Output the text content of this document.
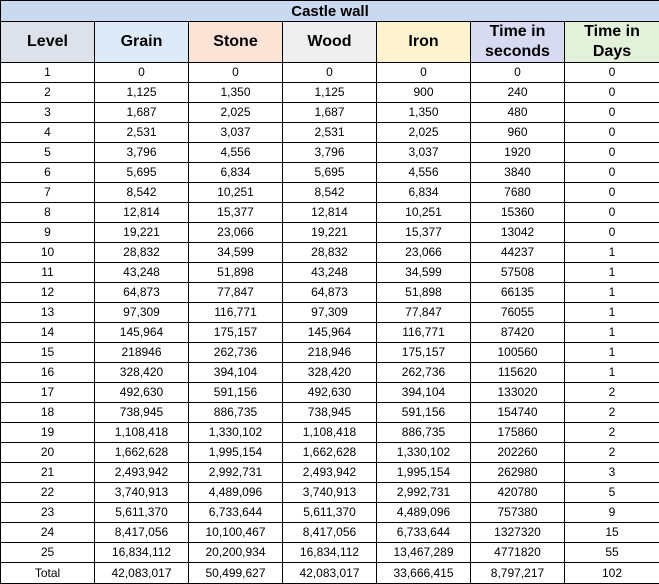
Castle wall						
Level	Grain	Stone	Wood	Iron	Time in seconds	Time in Days
1	0	0	0	0	0	0
2	1,125	1,350	1,125	900	240	0
3	1,687	2,025	1,687	1,350	480	0
4	2,531	3,037	2,531	2,025	960	0
5	3,796	4,556	3,796	3,037	1920	0
6	5,695	6,834	5,695	4,556	3840	0
7	8,542	10,251	8,542	6,834	7680	0
8	12,814	15,377	12,814	10,251	15360	0
9	19,221	23,066	19,221	15,377	13042	0
10	28,832	34,599	28,832	23,066	44237	1
11	43,248	51,898	43,248	34,599	57508	1
12	64,873	77,847	64,873	51,898	66135	1
13	97,309	116,771	97,309	77,847	76055	1
14	145,964	175,157	145,964	116,771	87420	1
15	218946	262,736	218,946	175,157	100560	1
16	328,420	394,104	328,420	262,736	115620	1
17	492,630	591,156	492,630	394,104	133020	2
18	738,945	886,735	738,945	591,156	154740	2
19	1,108,418	1,330,102	1,108,418	886,735	175860	2
20	1,662,628	1,995,154	1,662,628	1,330,102	202260	2
21	2,493,942	2,992,731	2,493,942	1,995,154	262980	3
22	3,740,913	4,489,096	3,740,913	2,992,731	420780	5
23	5,611,370	6,733,644	5,611,370	4,489,096	757380	9
24	8,417,056	10,100,467	8,417,056	6,733,644	1327320	15
25	16,834,112	20,200,934	16,834,112	13,467,289	4771820	55
Total	42,083,017	50,499,627	42,083,017	33,666,415	8,797,217	102
